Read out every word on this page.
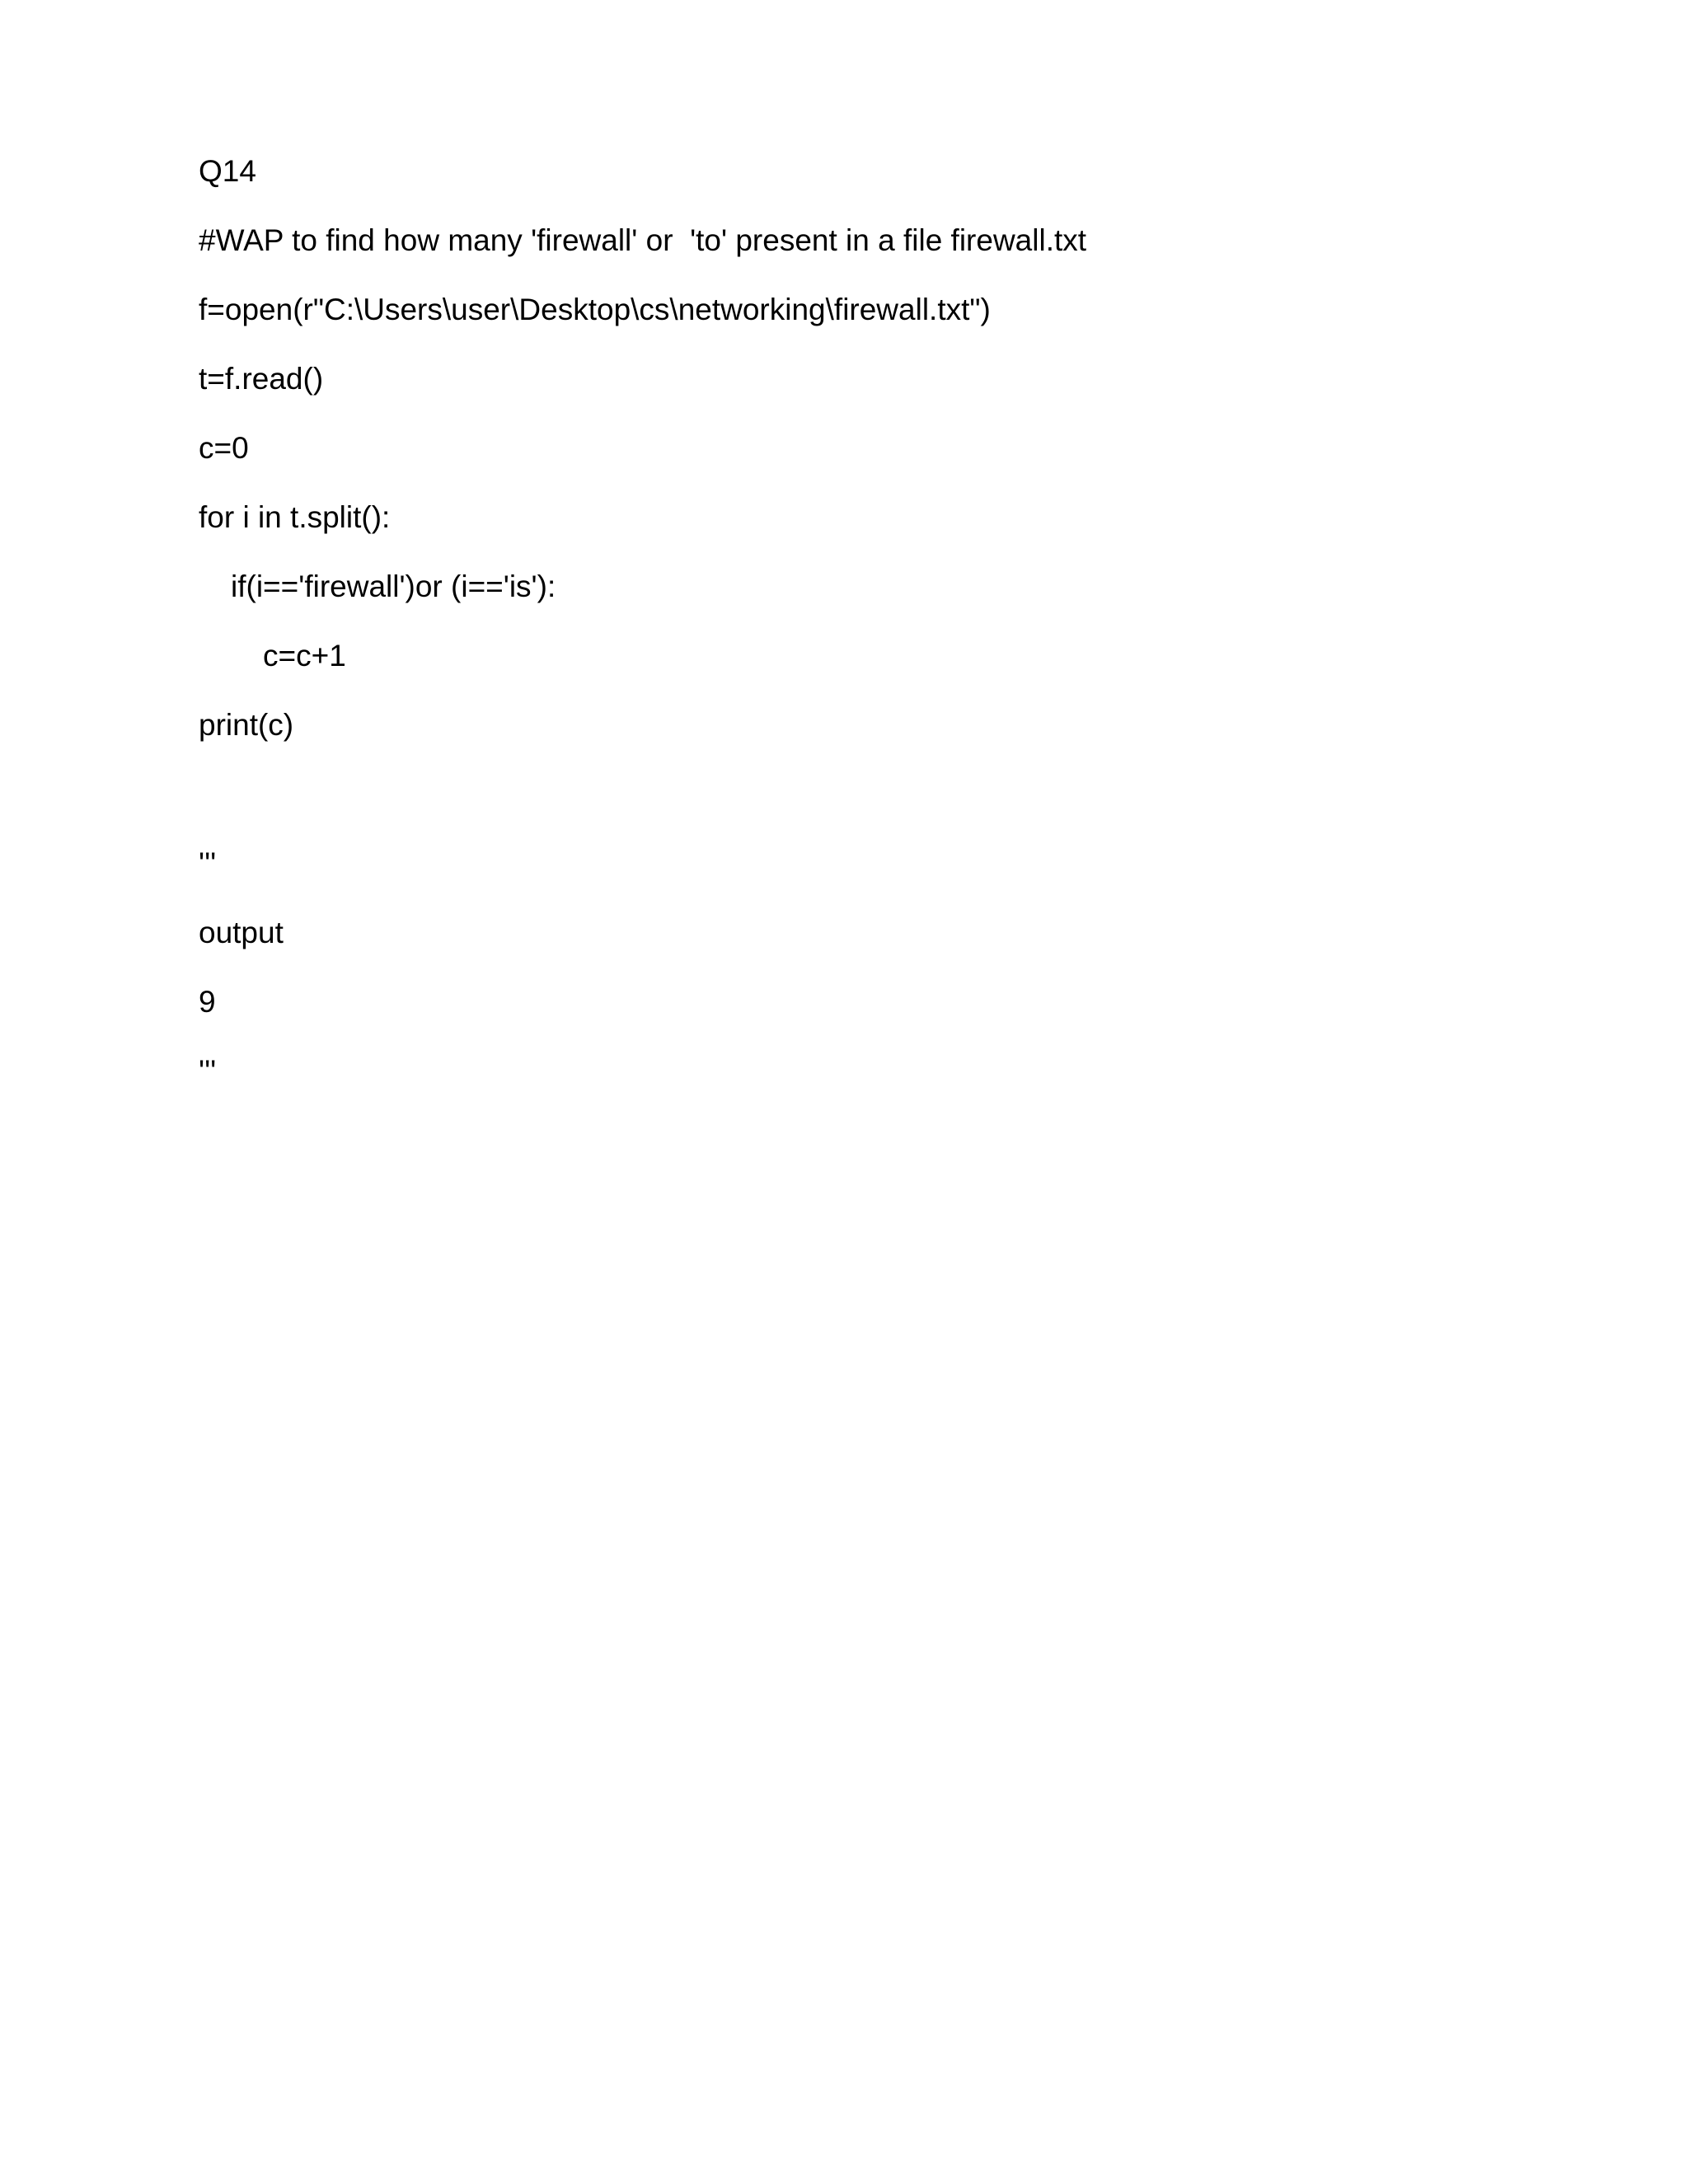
Q14

#WAP to find how many 'firewall' or  'to' present in a file firewall.txt

f=open(r"C:\Users\user\Desktop\cs\networking\firewall.txt")

t=f.read()

c=0

for i in t.split():

if(i=='firewall')or (i=='is'):

c=c+1

print(c)

'''

output

9

'''
